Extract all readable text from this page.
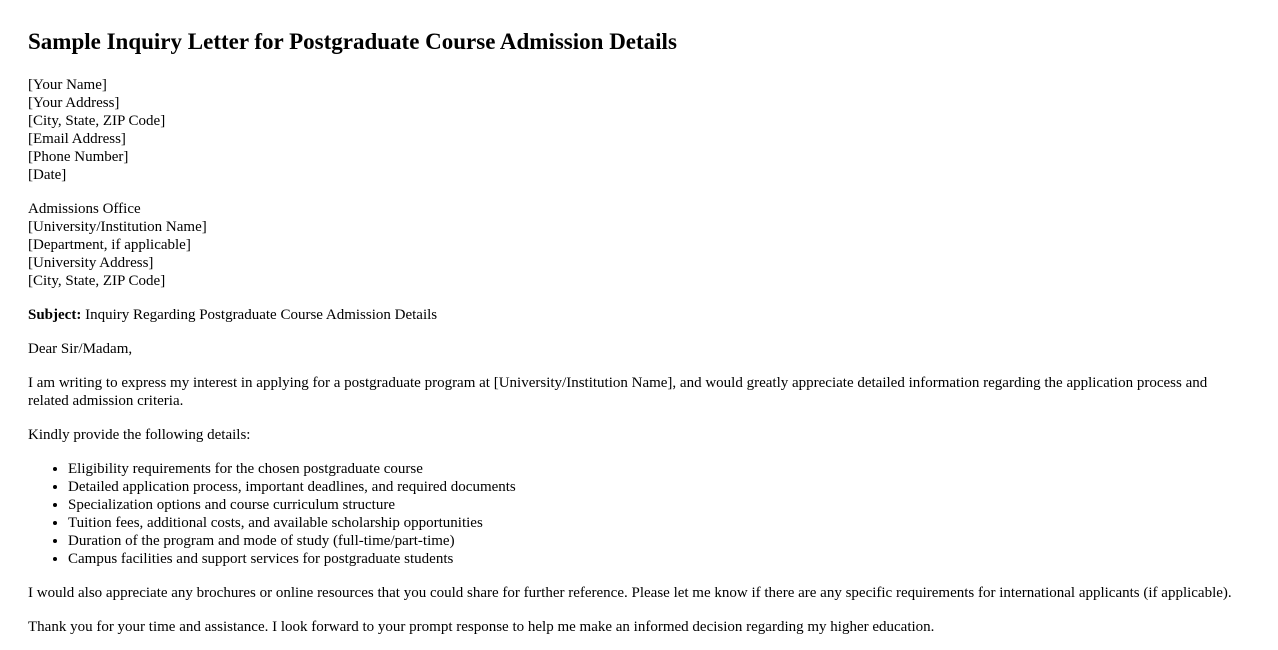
Sample Inquiry Letter for Postgraduate Course Admission Details
[Your Name]
[Your Address]
[City, State, ZIP Code]
[Email Address]
[Phone Number]
[Date]
Admissions Office
[University/Institution Name]
[Department, if applicable]
[University Address]
[City, State, ZIP Code]

Subject: Inquiry Regarding Postgraduate Course Admission Details

Dear Sir/Madam,

I am writing to express my interest in applying for a postgraduate program at [University/Institution Name], and would greatly appreciate detailed information regarding the application process and related admission criteria.

Kindly provide the following details:

• Eligibility requirements for the chosen postgraduate course
• Detailed application process, important deadlines, and required documents
• Specialization options and course curriculum structure
• Tuition fees, additional costs, and available scholarship opportunities
• Duration of the program and mode of study (full-time/part-time)
• Campus facilities and support services for postgraduate students

I would also appreciate any brochures or online resources that you could share for further reference. Please let me know if there are any specific requirements for international applicants (if applicable).

Thank you for your time and assistance. I look forward to your prompt response to help me make an informed decision regarding my higher education.
